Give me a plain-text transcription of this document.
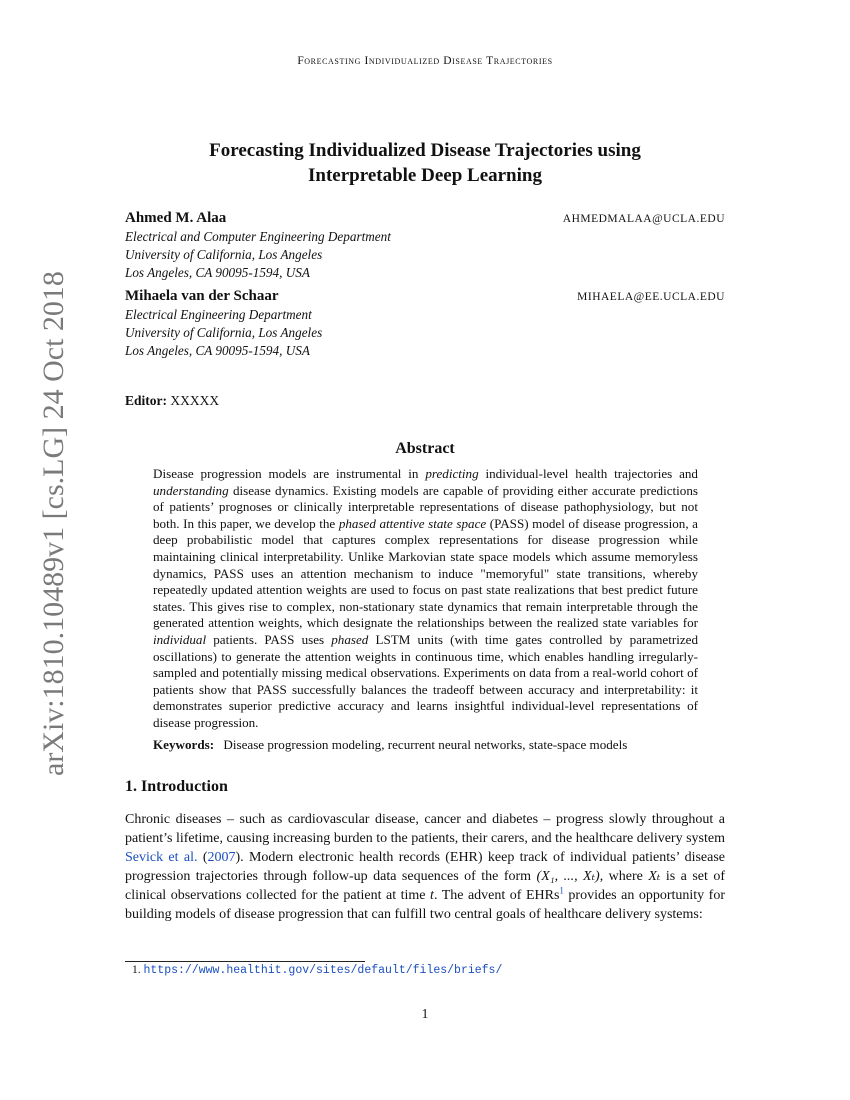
arXiv:1810.10489v1 [cs.LG] 24 Oct 2018
Forecasting Individualized Disease Trajectories
Forecasting Individualized Disease Trajectories using
Interpretable Deep Learning
Ahmed M. Alaa	AHMEDMALAA@UCLA.EDU
Electrical and Computer Engineering Department
University of California, Los Angeles
Los Angeles, CA 90095-1594, USA
Mihaela van der Schaar	MIHAELA@EE.UCLA.EDU
Electrical Engineering Department
University of California, Los Angeles
Los Angeles, CA 90095-1594, USA
Editor: XXXXX
Abstract
Disease progression models are instrumental in predicting individual-level health trajectories and understanding disease dynamics. Existing models are capable of providing either accurate predictions of patients’ prognoses or clinically interpretable representations of disease pathophysiology, but not both. In this paper, we develop the phased attentive state space (PASS) model of disease progression, a deep probabilistic model that captures complex representations for disease progression while maintaining clinical interpretability. Unlike Markovian state space models which assume memoryless dynamics, PASS uses an attention mechanism to induce "memoryful" state transitions, whereby repeatedly updated attention weights are used to focus on past state realizations that best predict future states. This gives rise to complex, non-stationary state dynamics that remain interpretable through the generated attention weights, which designate the relationships between the realized state variables for individual patients. PASS uses phased LSTM units (with time gates controlled by parametrized oscillations) to generate the attention weights in continuous time, which enables handling irregularly-sampled and potentially missing medical observations. Experiments on data from a real-world cohort of patients show that PASS successfully balances the tradeoff between accuracy and interpretability: it demonstrates superior predictive accuracy and learns insightful individual-level representations of disease progression.
Keywords: Disease progression modeling, recurrent neural networks, state-space models
1. Introduction
Chronic diseases – such as cardiovascular disease, cancer and diabetes – progress slowly throughout a patient’s lifetime, causing increasing burden to the patients, their carers, and the healthcare delivery system Sevick et al. (2007). Modern electronic health records (EHR) keep track of individual patients’ disease progression trajectories through follow-up data sequences of the form (X₁, ..., Xₜ), where Xₜ is a set of clinical observations collected for the patient at time t. The advent of EHRs$^1$ provides an opportunity for building models of disease progression that can fulfill two central goals of healthcare delivery systems:
1. https://www.healthit.gov/sites/default/files/briefs/
1
